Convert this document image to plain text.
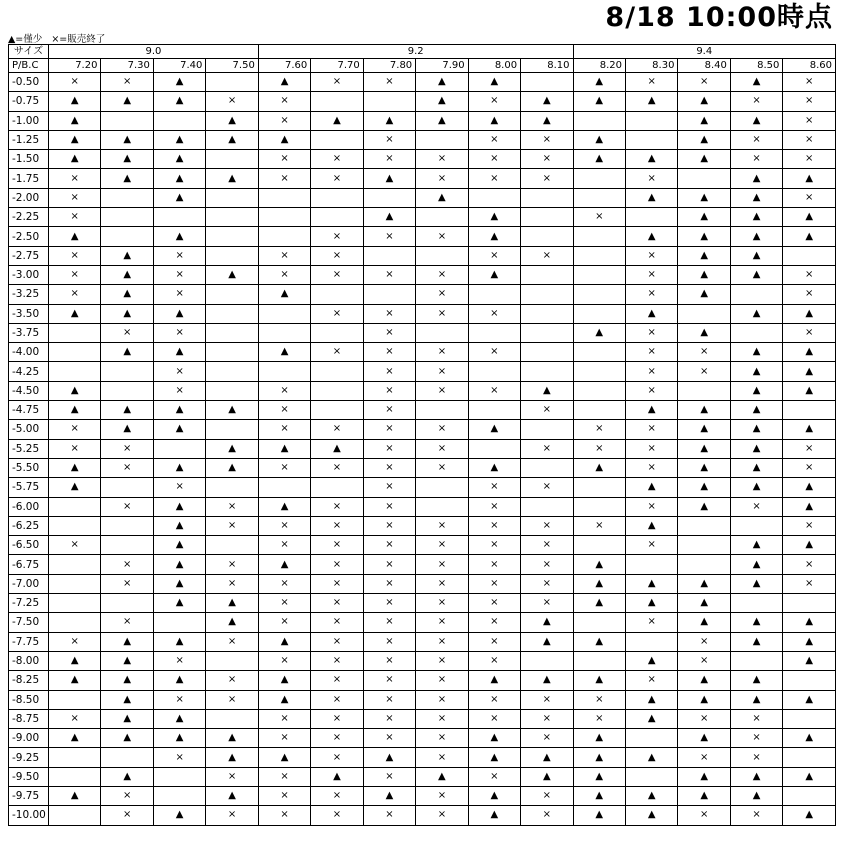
8/18 10:00時点
▲=僅少 ×=販売終了
サイズ	9.0				9.2						9.4				
P/B.C	7.20	7.30	7.40	7.50	7.60	7.70	7.80	7.90	8.00	8.10	8.20	8.30	8.40	8.50	8.60
-0.50	×	×	▲		▲	×	×	▲	▲		▲	×	×	▲	×
-0.75	▲	▲	▲	×	×			▲	×	▲	▲	▲	▲	×	×
-1.00	▲			▲	×	▲	▲	▲	▲	▲			▲	▲	×
-1.25	▲	▲	▲	▲	▲		×		×	×	▲		▲	×	×
-1.50	▲	▲	▲		×	×	×	×	×	×	▲	▲	▲	×	×
-1.75	×	▲	▲	▲	×	×	▲	×	×	×		×		▲	▲
-2.00	×		▲					▲				▲	▲	▲	×
-2.25	×						▲		▲		×		▲	▲	▲
-2.50	▲		▲			×	×	×	▲			▲	▲	▲	▲
-2.75	×	▲	×		×	×			×	×		×	▲	▲	
-3.00	×	▲	×	▲	×	×	×	×	▲			×	▲	▲	×
-3.25	×	▲	×		▲			×				×	▲		×
-3.50	▲	▲	▲			×	×	×	×			▲		▲	▲
-3.75		×	×				×				▲	×	▲		×
-4.00		▲	▲		▲	×	×	×	×			×	×	▲	▲
-4.25			×				×	×				×	×	▲	▲
-4.50	▲		×		×		×	×	×	▲		×		▲	▲
-4.75	▲	▲	▲	▲	×		×			×		▲	▲	▲	
-5.00	×	▲	▲		×	×	×	×	▲		×	×	▲	▲	▲
-5.25	×	×		▲	▲	▲	×	×		×	×	×	▲	▲	×
-5.50	▲	×	▲	▲	×	×	×	×	▲		▲	×	▲	▲	×
-5.75	▲		×				×		×	×		▲	▲	▲	▲
-6.00		×	▲	×	▲	×	×		×			×	▲	×	▲
-6.25			▲	×	×	×	×	×	×	×	×	▲			×
-6.50	×		▲		×	×	×	×	×	×		×		▲	▲
-6.75		×	▲	×	▲	×	×	×	×	×	▲			▲	×
-7.00		×	▲	×	×	×	×	×	×	×	▲	▲	▲	▲	×
-7.25			▲	▲	×	×	×	×	×	×	▲	▲	▲		
-7.50		×		▲	×	×	×	×	×	▲		×	▲	▲	▲
-7.75	×	▲	▲	×	▲	×	×	×	×	▲	▲		×	▲	▲
-8.00	▲	▲	×		×	×	×	×	×			▲	×		▲
-8.25	▲	▲	▲	×	▲	×	×	×	▲	▲	▲	×	▲	▲	
-8.50		▲	×	×	▲	×	×	×	×	×	×	▲	▲	▲	▲
-8.75	×	▲	▲		×	×	×	×	×	×	×	▲	×	×	
-9.00	▲	▲	▲	▲	×	×	×	×	▲	×	▲		▲	×	▲
-9.25			×	▲	▲	×	▲	×	▲	▲	▲	▲	×	×	
-9.50		▲		×	×	▲	×	▲	×	▲	▲		▲	▲	▲
-9.75	▲	×		▲	×	×	▲	×	▲	×	▲	▲	▲	▲	
-10.00		×	▲	×	×	×	×	×	▲	×	▲	▲	×	×	▲
